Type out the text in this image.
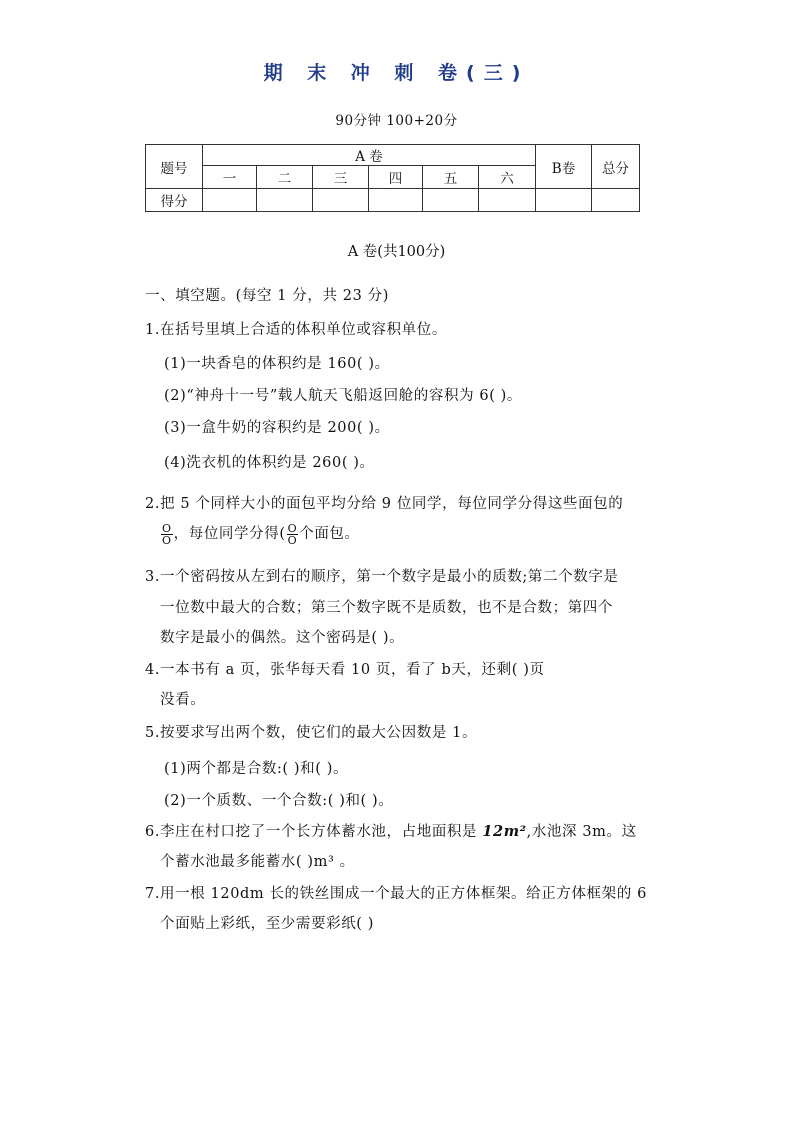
期 末 冲 刺 卷(三)
90分钟 100+20分
题号	A 卷						B卷	总分
	一	二	三	四	五	六		
得分								
A 卷(共100分)
一、填空题。(每空 1 分，共 23 分)
1.在括号里填上合适的体积单位或容积单位。
(1)一块香皂的体积约是 160( )。
(2)“神舟十一号”载人航天飞船返回舱的容积为 6( )。
(3)一盒牛奶的容积约是 200( )。
(4)洗衣机的体积约是 260( )。
2.把 5 个同样大小的面包平均分给 9 位同学，每位同学分得这些面包的
$\frac{O}{O}$ ，每位同学分得( $\frac{O}{O}$ 个面包。
3.一个密码按从左到右的顺序，第一个数字是最小的质数;第二个数字是
一位数中最大的合数；第三个数字既不是质数，也不是合数；第四个
数字是最小的偶然。这个密码是( )。
4.一本书有 a 页，张华每天看 10 页，看了 b天，还剩( )页
没看。
5.按要求写出两个数，使它们的最大公因数是 1。
(1)两个都是合数:( )和( )。
(2)一个质数、一个合数:( )和( )。
6.李庄在村口挖了一个长方体蓄水池，占地面积是 12m²,水池深 3m。这
个蓄水池最多能蓄水( )m³ 。
7.用一根 120dm 长的铁丝围成一个最大的正方体框架。给正方体框架的 6
个面贴上彩纸，至少需要彩纸( )
